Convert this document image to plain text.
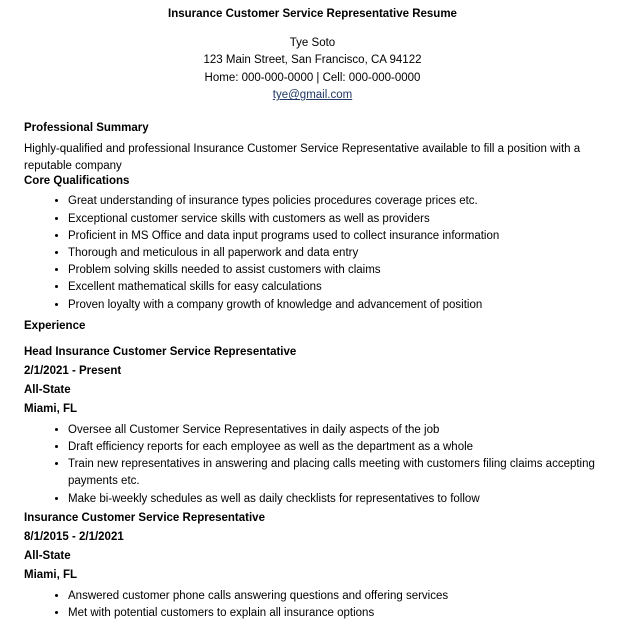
Insurance Customer Service Representative Resume
Tye Soto
123 Main Street, San Francisco, CA 94122
Home: 000-000-0000 | Cell: 000-000-0000
tye@gmail.com
Professional Summary

Highly-qualified and professional Insurance Customer Service Representative available to fill a position with a reputable company

Core Qualifications
• Great understanding of insurance types policies procedures coverage prices etc.
• Exceptional customer service skills with customers as well as providers
• Proficient in MS Office and data input programs used to collect insurance information
• Thorough and meticulous in all paperwork and data entry
• Problem solving skills needed to assist customers with claims
• Excellent mathematical skills for easy calculations
• Proven loyalty with a company growth of knowledge and advancement of position
Experience

Head Insurance Customer Service Representative

2/1/2021 - Present

All-State

Miami, FL

• Oversee all Customer Service Representatives in daily aspects of the job
• Draft efficiency reports for each employee as well as the department as a whole
• Train new representatives in answering and placing calls meeting with customers filing claims accepting payments etc.
• Make bi-weekly schedules as well as daily checklists for representatives to follow

Insurance Customer Service Representative

8/1/2015 - 2/1/2021

All-State

Miami, FL

• Answered customer phone calls answering questions and offering services
• Met with potential customers to explain all insurance options
